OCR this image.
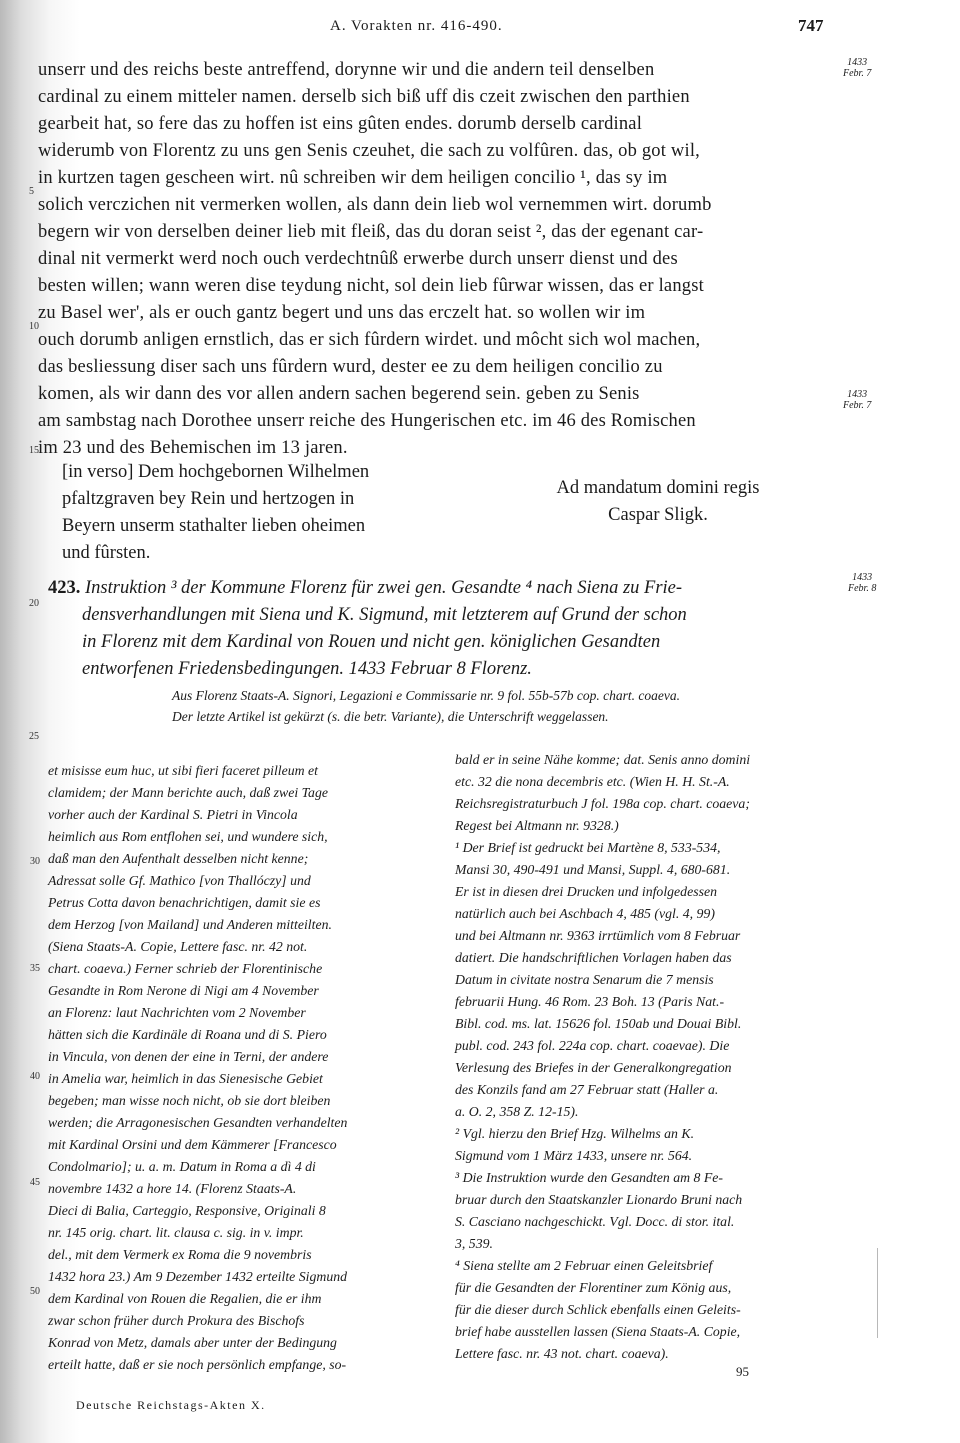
A. Vorakten nr. 416-490.	747
1433
Febr. 7
1433
Febr. 7
1433
Febr. 8
5
10
15
20
25
30
35
40
45
50
unserr und des reichs beste antreffend, dorynne wir und die andern teil denselben
cardinal zu einem mitteler namen. derselb sich biß uff dis czeit zwischen den parthien
gearbeit hat, so fere das zu hoffen ist eins gûten endes. dorumb derselb cardinal
widerumb von Florentz zu uns gen Senis czeuhet, die sach zu volfûren. das, ob got wil,
in kurtzen tagen gescheen wirt. nû schreiben wir dem heiligen concilio ¹, das sy im
solich verczichen nit vermerken wollen, als dann dein lieb wol vernemmen wirt. dorumb
begern wir von derselben deiner lieb mit fleiß, das du doran seist ², das der egenant car-
dinal nit vermerkt werd noch ouch verdechtnûß erwerbe durch unserr dienst und des
besten willen; wann weren dise teydung nicht, sol dein lieb fûrwar wissen, das er langst
zu Basel wer', als er ouch gantz begert und uns das erczelt hat. so wollen wir im
ouch dorumb anligen ernstlich, das er sich fûrdern wirdet. und môcht sich wol machen,
das besliessung diser sach uns fûrdern wurd, dester ee zu dem heiligen concilio zu
komen, als wir dann des vor allen andern sachen begerend sein. geben zu Senis
am sambstag nach Dorothee unserr reiche des Hungerischen etc. im 46 des Romischen
im 23 und des Behemischen im 13 jaren.
[in verso] Dem hochgebornen Wilhelmen
pfaltzgraven bey Rein und hertzogen in
Beyern unserm stathalter lieben oheimen
und fûrsten.
Ad mandatum domini regis
Caspar Sligk.
423. Instruktion ³ der Kommune Florenz für zwei gen. Gesandte ⁴ nach Siena zu Frie-
densverhandlungen mit Siena und K. Sigmund, mit letzterem auf Grund der schon
in Florenz mit dem Kardinal von Rouen und nicht gen. königlichen Gesandten
entworfenen Friedensbedingungen. 1433 Februar 8 Florenz.
Aus Florenz Staats-A. Signori, Legazioni e Commissarie nr. 9 fol. 55b-57b cop. chart. coaeva.
Der letzte Artikel ist gekürzt (s. die betr. Variante), die Unterschrift weggelassen.
et misisse eum huc, ut sibi fieri faceret pilleum et
clamidem; der Mann berichte auch, daß zwei Tage
vorher auch der Kardinal S. Pietri in Vincola
heimlich aus Rom entflohen sei, und wundere sich,
daß man den Aufenthalt desselben nicht kenne;
Adressat solle Gf. Mathico [von Thallóczy] und
Petrus Cotta davon benachrichtigen, damit sie es
dem Herzog [von Mailand] und Anderen mitteilten.
(Siena Staats-A. Copie, Lettere fasc. nr. 42 not.
chart. coaeva.) Ferner schrieb der Florentinische
Gesandte in Rom Nerone di Nigi am 4 November
an Florenz: laut Nachrichten vom 2 November
hätten sich die Kardinäle di Roana und di S. Piero
in Vincula, von denen der eine in Terni, der andere
in Amelia war, heimlich in das Sienesische Gebiet
begeben; man wisse noch nicht, ob sie dort bleiben
werden; die Arragonesischen Gesandten verhandelten
mit Kardinal Orsini und dem Kämmerer [Francesco
Condolmario]; u. a. m. Datum in Roma a dì 4 di
novembre 1432 a hore 14. (Florenz Staats-A.
Dieci di Balia, Carteggio, Responsive, Originali 8
nr. 145 orig. chart. lit. clausa c. sig. in v. impr.
del., mit dem Vermerk ex Roma die 9 novembris
1432 hora 23.) Am 9 Dezember 1432 erteilte Sigmund
dem Kardinal von Rouen die Regalien, die er ihm
zwar schon früher durch Prokura des Bischofs
Konrad von Metz, damals aber unter der Bedingung
erteilt hatte, daß er sie noch persönlich empfange, so-
bald er in seine Nähe komme; dat. Senis anno domini
etc. 32 die nona decembris etc. (Wien H. H. St.-A.
Reichsregistraturbuch J fol. 198a cop. chart. coaeva;
Regest bei Altmann nr. 9328.)
¹ Der Brief ist gedruckt bei Martène 8, 533-534,
Mansi 30, 490-491 und Mansi, Suppl. 4, 680-681.
Er ist in diesen drei Drucken und infolgedessen
natürlich auch bei Aschbach 4, 485 (vgl. 4, 99)
und bei Altmann nr. 9363 irrtümlich vom 8 Februar
datiert. Die handschriftlichen Vorlagen haben das
Datum in civitate nostra Senarum die 7 mensis
februarii Hung. 46 Rom. 23 Boh. 13 (Paris Nat.-
Bibl. cod. ms. lat. 15626 fol. 150ab und Douai Bibl.
publ. cod. 243 fol. 224a cop. chart. coaevae). Die
Verlesung des Briefes in der Generalkongregation
des Konzils fand am 27 Februar statt (Haller a.
a. O. 2, 358 Z. 12-15).
² Vgl. hierzu den Brief Hzg. Wilhelms an K.
Sigmund vom 1 März 1433, unsere nr. 564.
³ Die Instruktion wurde den Gesandten am 8 Fe-
bruar durch den Staatskanzler Lionardo Bruni nach
S. Casciano nachgeschickt. Vgl. Docc. di stor. ital.
3, 539.
⁴ Siena stellte am 2 Februar einen Geleitsbrief
für die Gesandten der Florentiner zum König aus,
für die dieser durch Schlick ebenfalls einen Geleits-
brief habe ausstellen lassen (Siena Staats-A. Copie,
Lettere fasc. nr. 43 not. chart. coaeva).
95
Deutsche Reichstags-Akten X.
